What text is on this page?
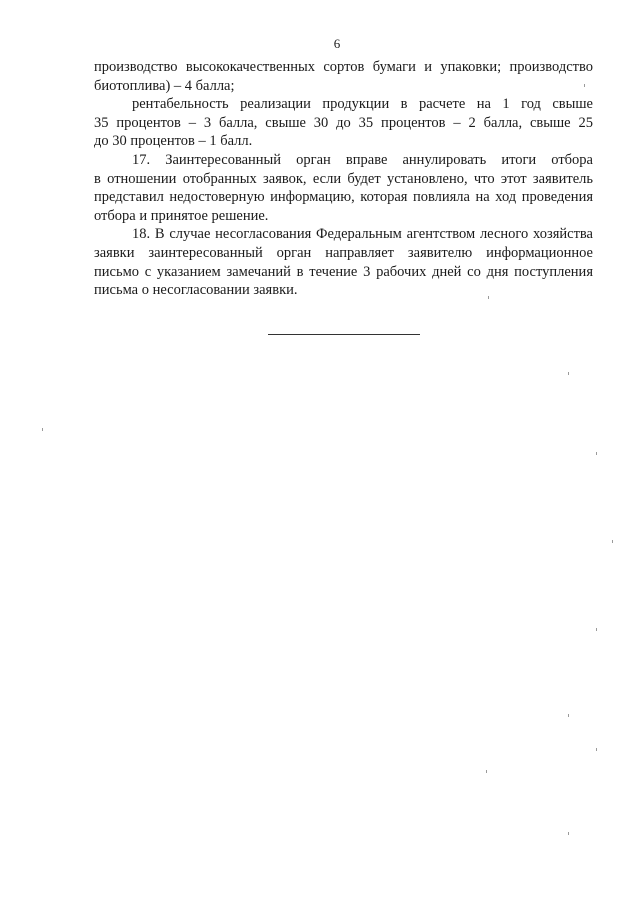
6
производство высококачественных сортов бумаги и упаковки; производство
биотоплива) – 4 балла;
рентабельность реализации продукции в расчете на 1 год свыше
35 процентов – 3 балла, свыше 30 до 35 процентов – 2 балла, свыше 25
до 30 процентов – 1 балл.
17. Заинтересованный орган вправе аннулировать итоги отбора
в отношении отобранных заявок, если будет установлено, что этот заявитель
представил недостоверную информацию, которая повлияла на ход проведения
отбора и принятое решение.
18. В случае несогласования Федеральным агентством лесного хозяйства
заявки заинтересованный орган направляет заявителю информационное
письмо с указанием замечаний в течение 3 рабочих дней со дня поступления
письма о несогласовании заявки.
